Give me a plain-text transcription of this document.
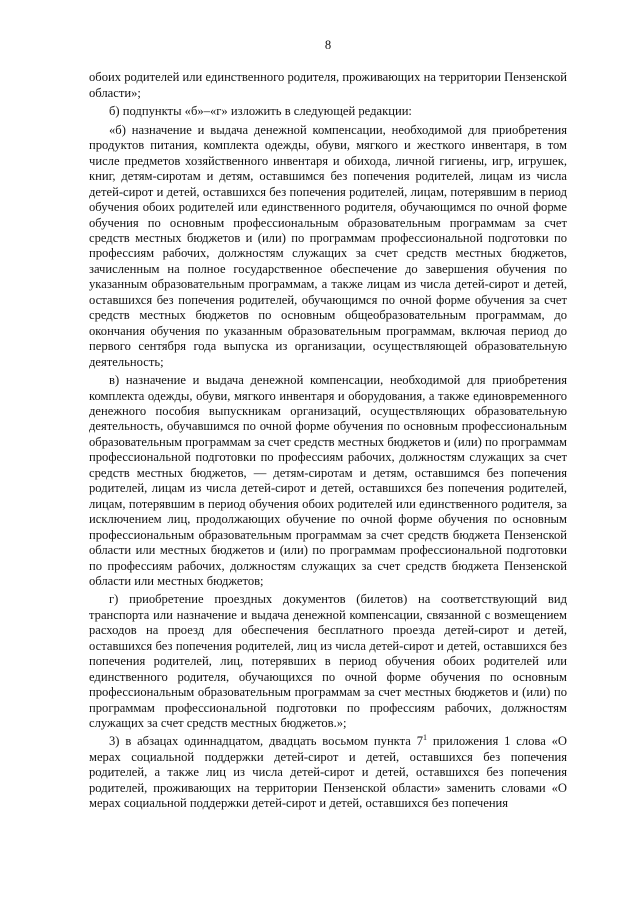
8

обоих родителей или единственного родителя, проживающих на территории Пензенской области»;

б) подпункты «б»–«г» изложить в следующей редакции:

«б) назначение и выдача денежной компенсации, необходимой для приобретения продуктов питания, комплекта одежды, обуви, мягкого и жесткого инвентаря, в том числе предметов хозяйственного инвентаря и обихода, личной гигиены, игр, игрушек, книг, детям-сиротам и детям, оставшимся без попечения родителей, лицам из числа детей-сирот и детей, оставшихся без попечения родителей, лицам, потерявшим в период обучения обоих родителей или единственного родителя, обучающимся по очной форме обучения по основным профессиональным образовательным программам за счет средств местных бюджетов и (или) по программам профессиональной подготовки по профессиям рабочих, должностям служащих за счет средств местных бюджетов, зачисленным на полное государственное обеспечение до завершения обучения по указанным образовательным программам, а также лицам из числа детей-сирот и детей, оставшихся без попечения родителей, обучающимся по очной форме обучения за счет средств местных бюджетов по основным общеобразовательным программам, до окончания обучения по указанным образовательным программам, включая период до первого сентября года выпуска из организации, осуществляющей образовательную деятельность;

в) назначение и выдача денежной компенсации, необходимой для приобретения комплекта одежды, обуви, мягкого инвентаря и оборудования, а также единовременного денежного пособия выпускникам организаций, осуществляющих образовательную деятельность, обучавшимся по очной форме обучения по основным профессиональным образовательным программам за счет средств местных бюджетов и (или) по программам профессиональной подготовки по профессиям рабочих, должностям служащих за счет средств местных бюджетов, — детям-сиротам и детям, оставшимся без попечения родителей, лицам из числа детей-сирот и детей, оставшихся без попечения родителей, лицам, потерявшим в период обучения обоих родителей или единственного родителя, за исключением лиц, продолжающих обучение по очной форме обучения по основным профессиональным образовательным программам за счет средств бюджета Пензенской области или местных бюджетов и (или) по программам профессиональной подготовки по профессиям рабочих, должностям служащих за счет средств бюджета Пензенской области или местных бюджетов;

г) приобретение проездных документов (билетов) на соответствующий вид транспорта или назначение и выдача денежной компенсации, связанной с возмещением расходов на проезд для обеспечения бесплатного проезда детей-сирот и детей, оставшихся без попечения родителей, лиц из числа детей-сирот и детей, оставшихся без попечения родителей, лиц, потерявших в период обучения обоих родителей или единственного родителя, обучающихся по очной форме обучения по основным профессиональным образовательным программам за счет местных бюджетов и (или) по программам профессиональной подготовки по профессиям рабочих, должностям служащих за счет средств местных бюджетов.»;

3) в абзацах одиннадцатом, двадцать восьмом пункта $7^1$ приложения 1 слова «О мерах социальной поддержки детей-сирот и детей, оставшихся без попечения родителей, а также лиц из числа детей-сирот и детей, оставшихся без попечения родителей, проживающих на территории Пензенской области» заменить словами «О мерах социальной поддержки детей-сирот и детей, оставшихся без попечения
